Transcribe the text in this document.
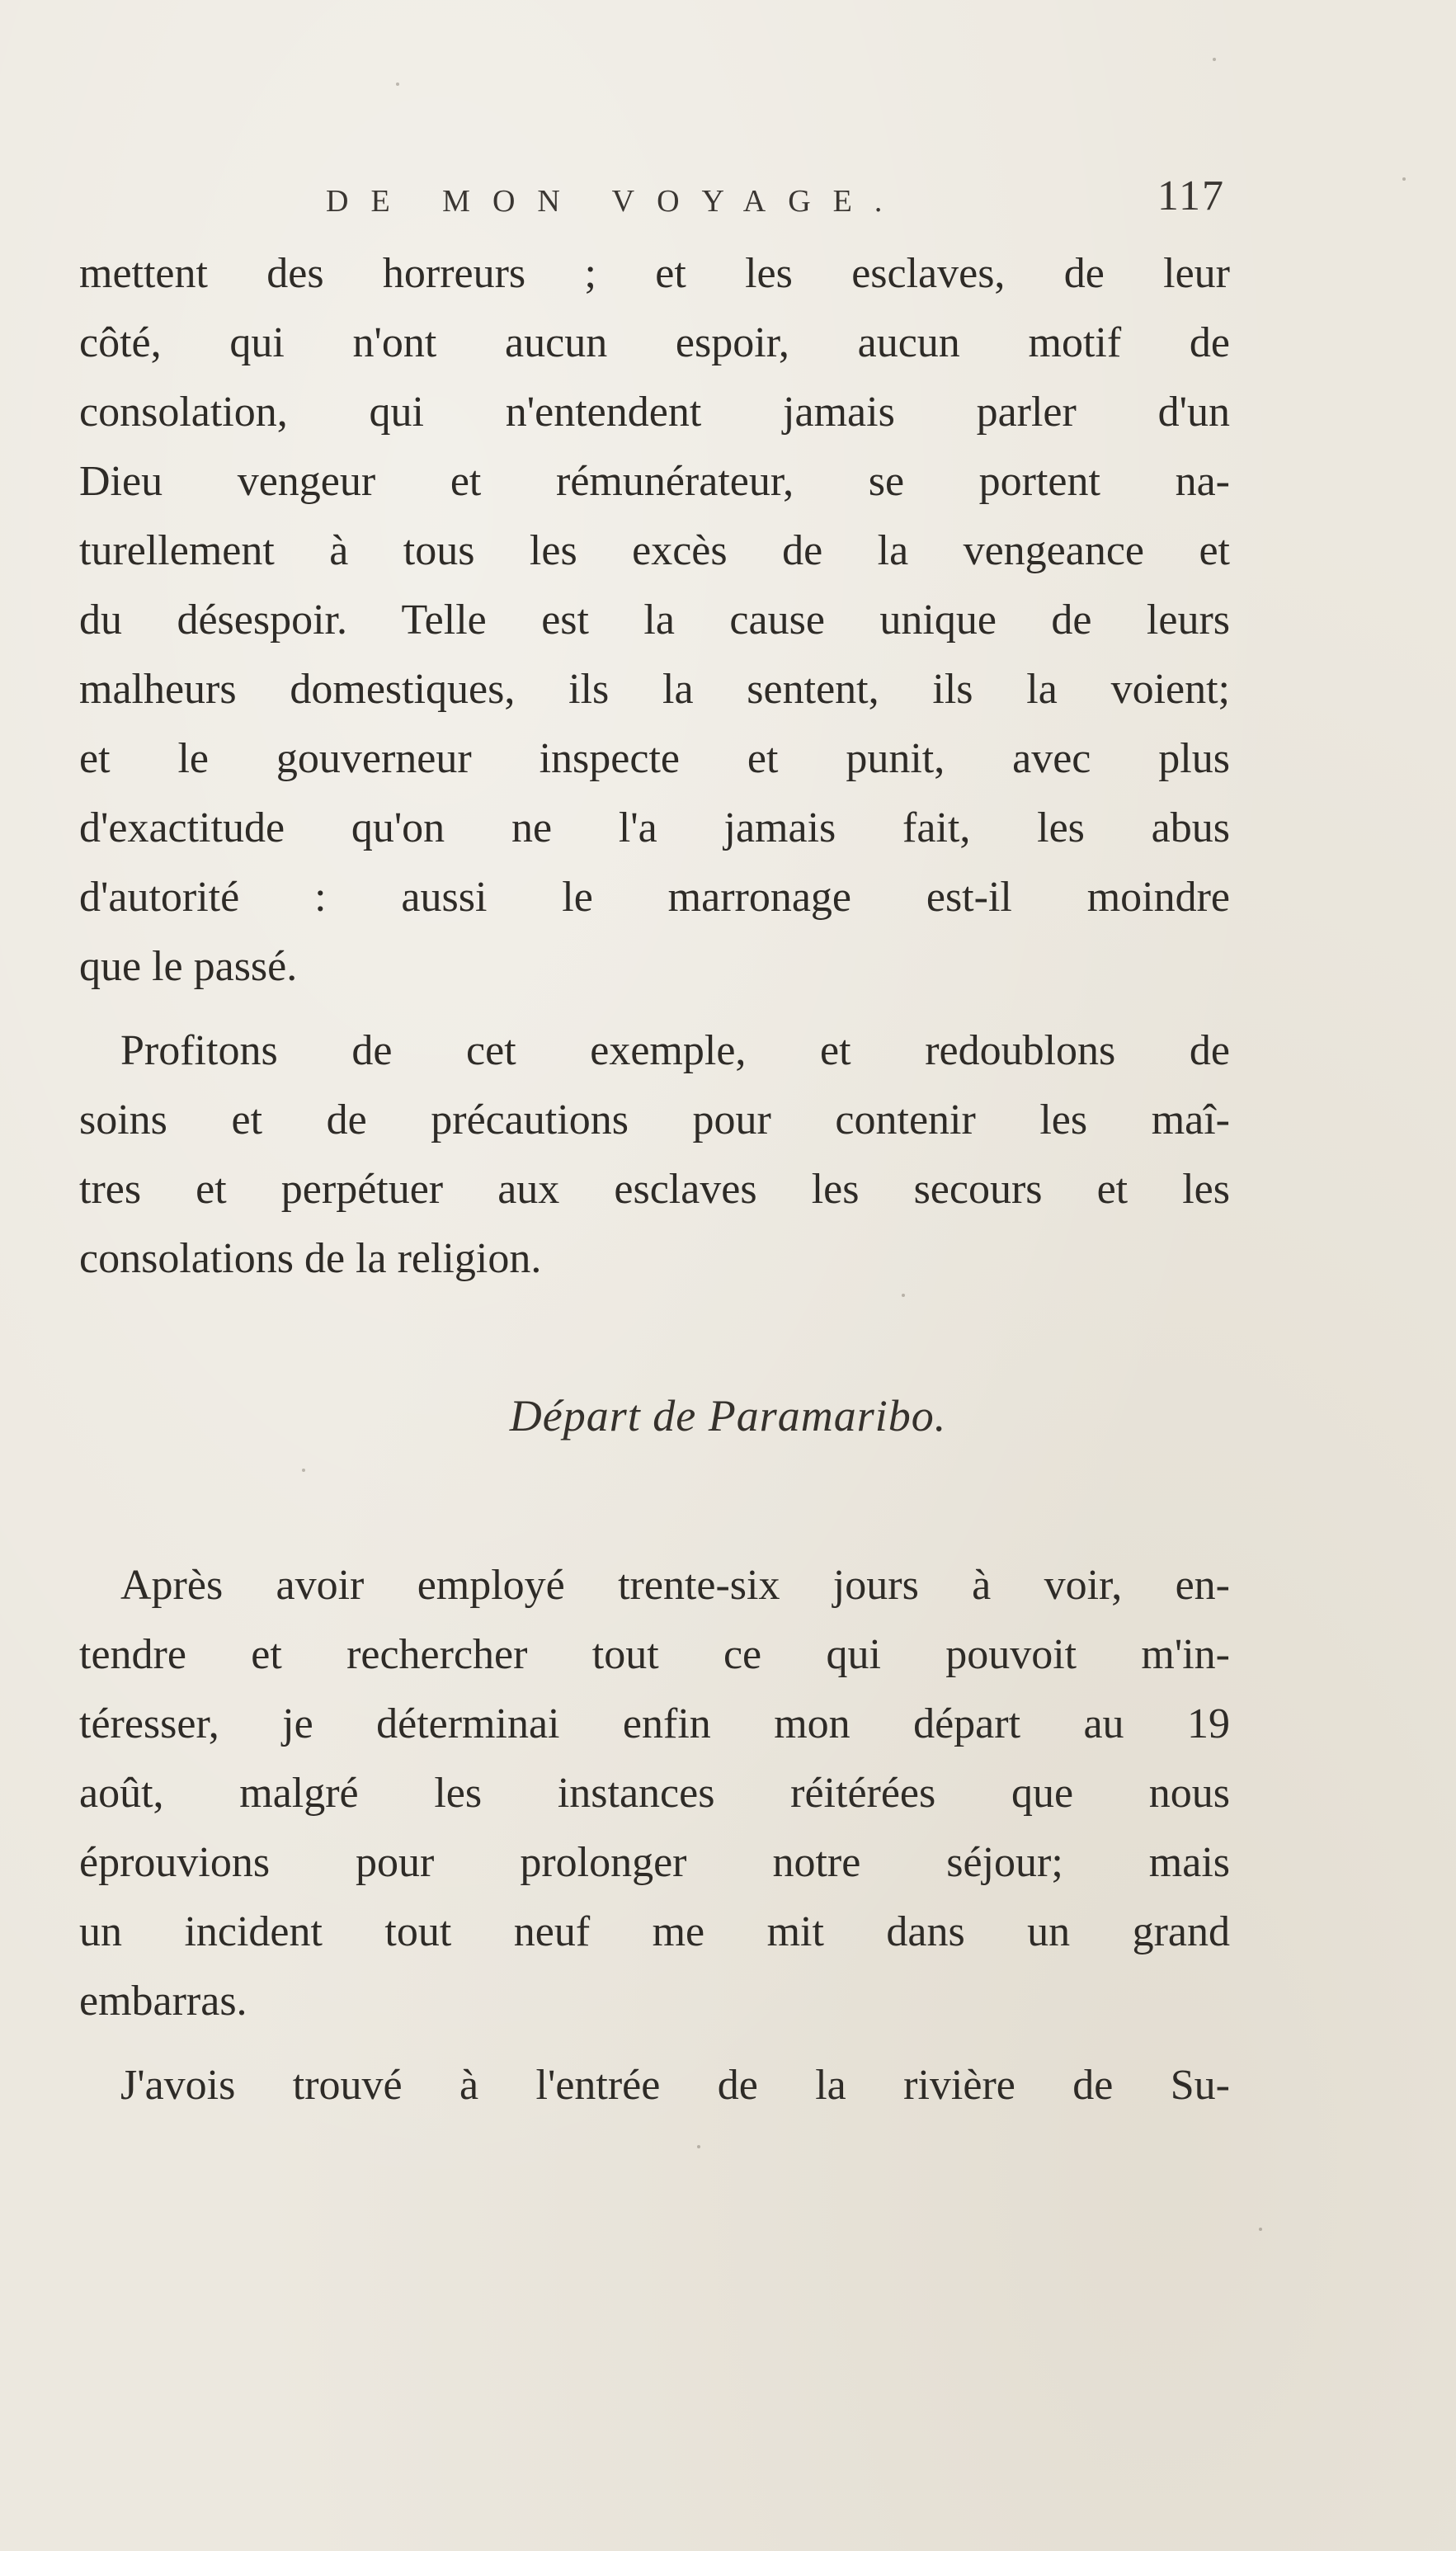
DE MON VOYAGE.	117
mettent des horreurs ; et les esclaves, de leur
côté, qui n'ont aucun espoir, aucun motif de
consolation, qui n'entendent jamais parler d'un
Dieu vengeur et rémunérateur, se portent na-
turellement à tous les excès de la vengeance et
du désespoir. Telle est la cause unique de leurs
malheurs domestiques, ils la sentent, ils la voient;
et le gouverneur inspecte et punit, avec plus
d'exactitude qu'on ne l'a jamais fait, les abus
d'autorité : aussi le marronage est-il moindre
que le passé.
Profitons de cet exemple, et redoublons de
soins et de précautions pour contenir les maî-
tres et perpétuer aux esclaves les secours et les
consolations de la religion.
Départ de Paramaribo.
Après avoir employé trente-six jours à voir, en-
tendre et rechercher tout ce qui pouvoit m'in-
téresser, je déterminai enfin mon départ au 19
août, malgré les instances réitérées que nous
éprouvions pour prolonger notre séjour; mais
un incident tout neuf me mit dans un grand
embarras.
J'avois trouvé à l'entrée de la rivière de Su-
